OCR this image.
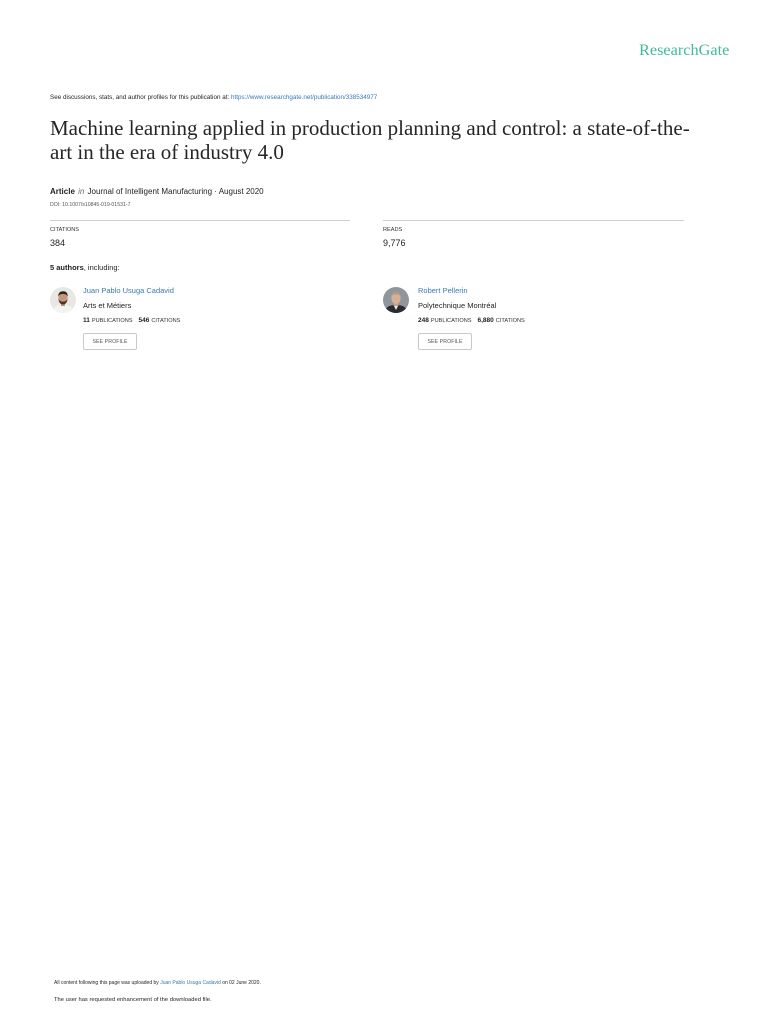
ResearchGate
See discussions, stats, and author profiles for this publication at: https://www.researchgate.net/publication/338534977
Machine learning applied in production planning and control: a state-of-the-
art in the era of industry 4.0
Article in Journal of Intelligent Manufacturing · August 2020
DOI: 10.1007/s10845-019-01531-7
CITATIONS
384
READS
9,776
5 authors , including:
Juan Pablo Usuga Cadavid
Arts et Métiers
11 PUBLICATIONS 546 CITATIONS
SEE PROFILE
Robert Pellerin
Polytechnique Montréal
248 PUBLICATIONS 6,880 CITATIONS
SEE PROFILE
All content following this page was uploaded by Juan Pablo Usuga Cadavid on 02 June 2020.
The user has requested enhancement of the downloaded file.
